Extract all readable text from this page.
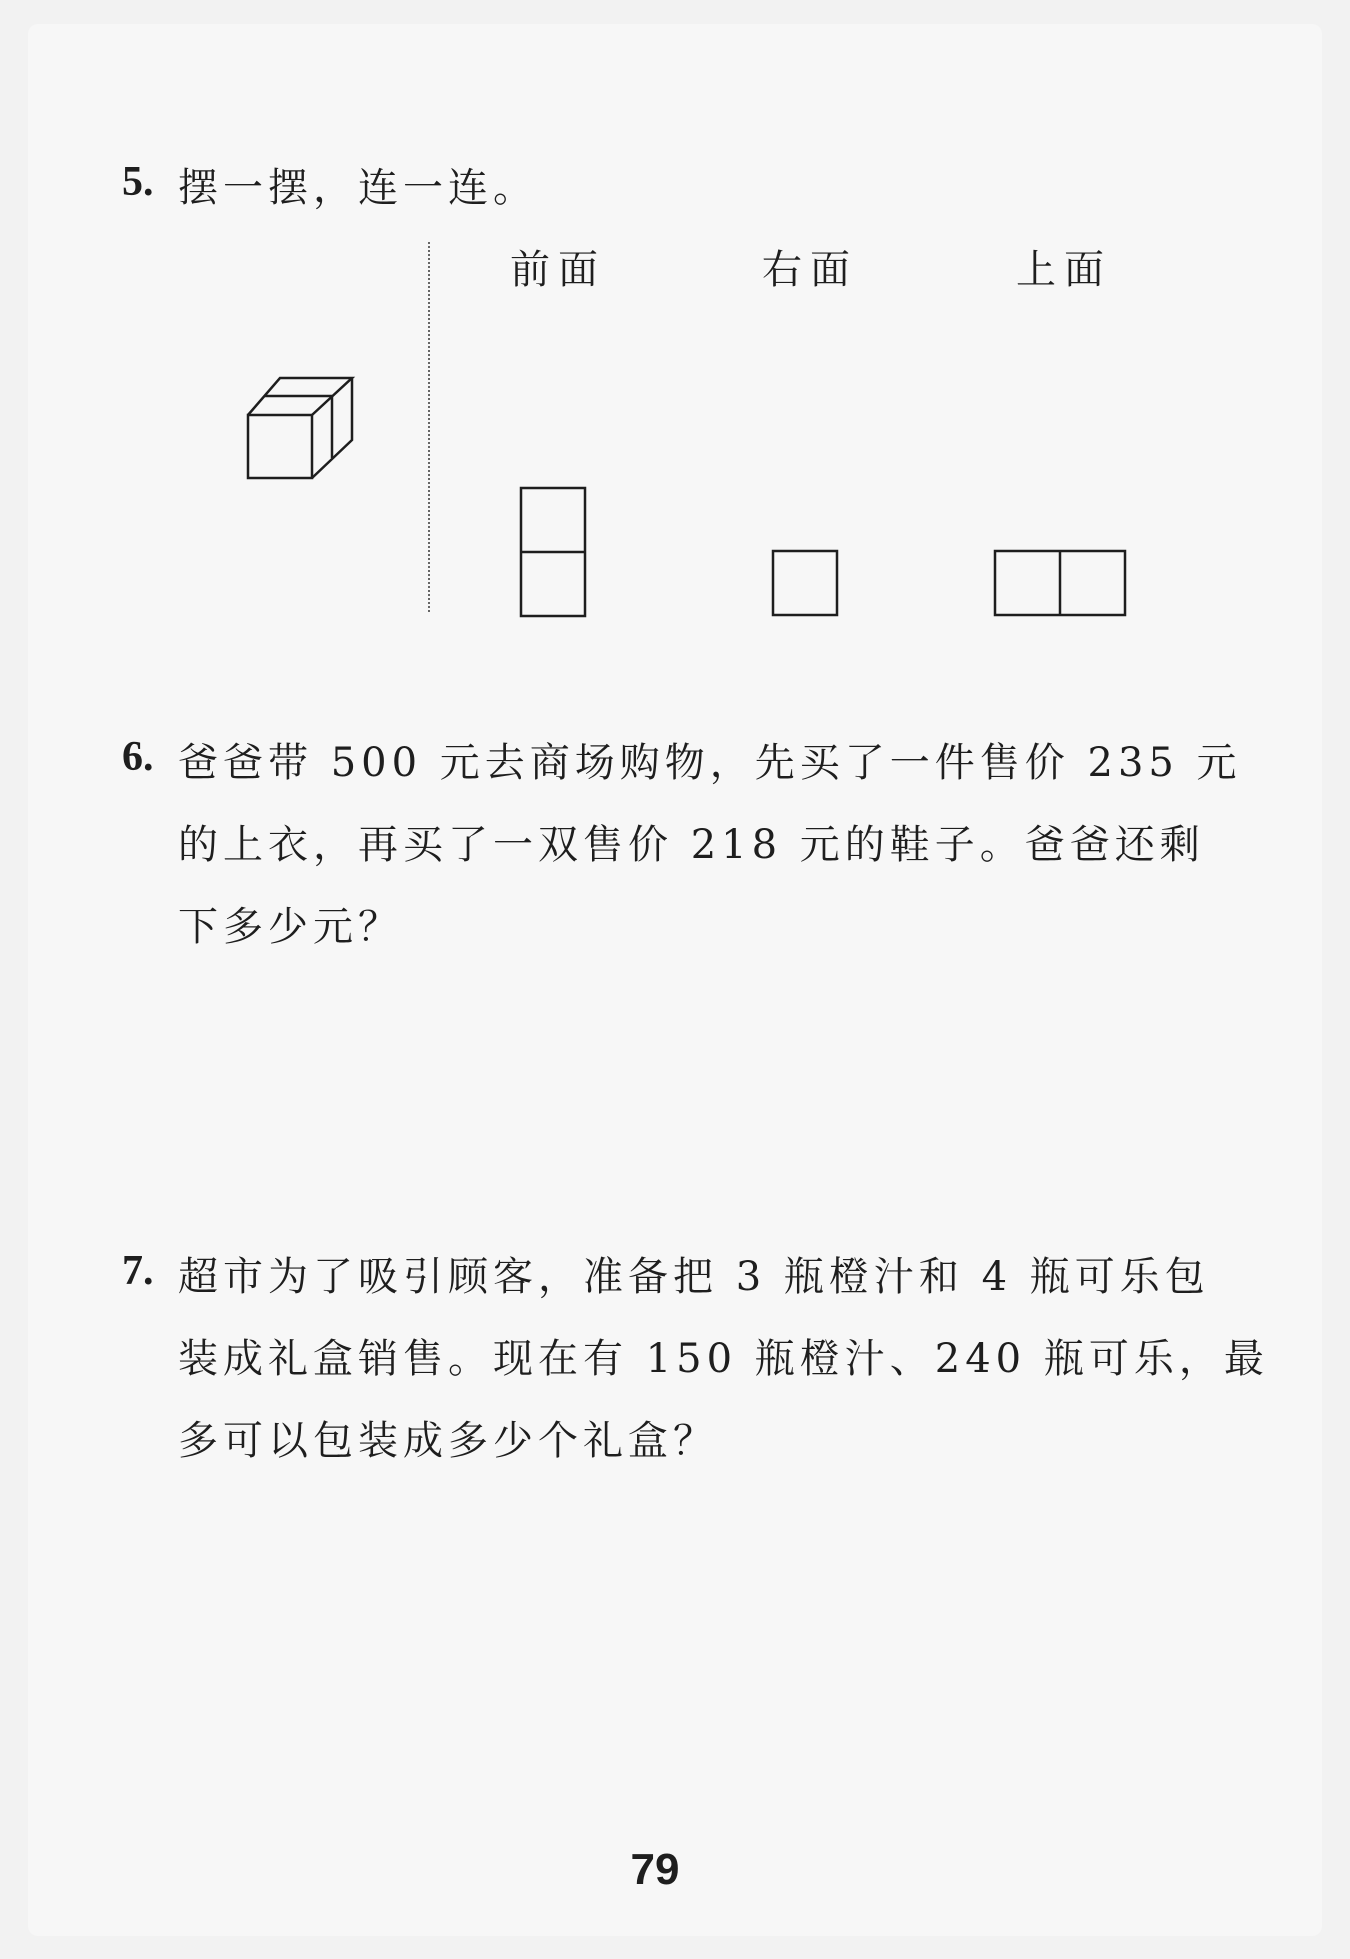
5. 摆一摆，连一连。
前面	右面	上面
6. 爸爸带 500 元去商场购物，先买了一件售价 235 元
的上衣，再买了一双售价 218 元的鞋子。爸爸还剩
下多少元？
7. 超市为了吸引顾客，准备把 3 瓶橙汁和 4 瓶可乐包
装成礼盒销售。现在有 150 瓶橙汁、240 瓶可乐，最
多可以包装成多少个礼盒？
79
